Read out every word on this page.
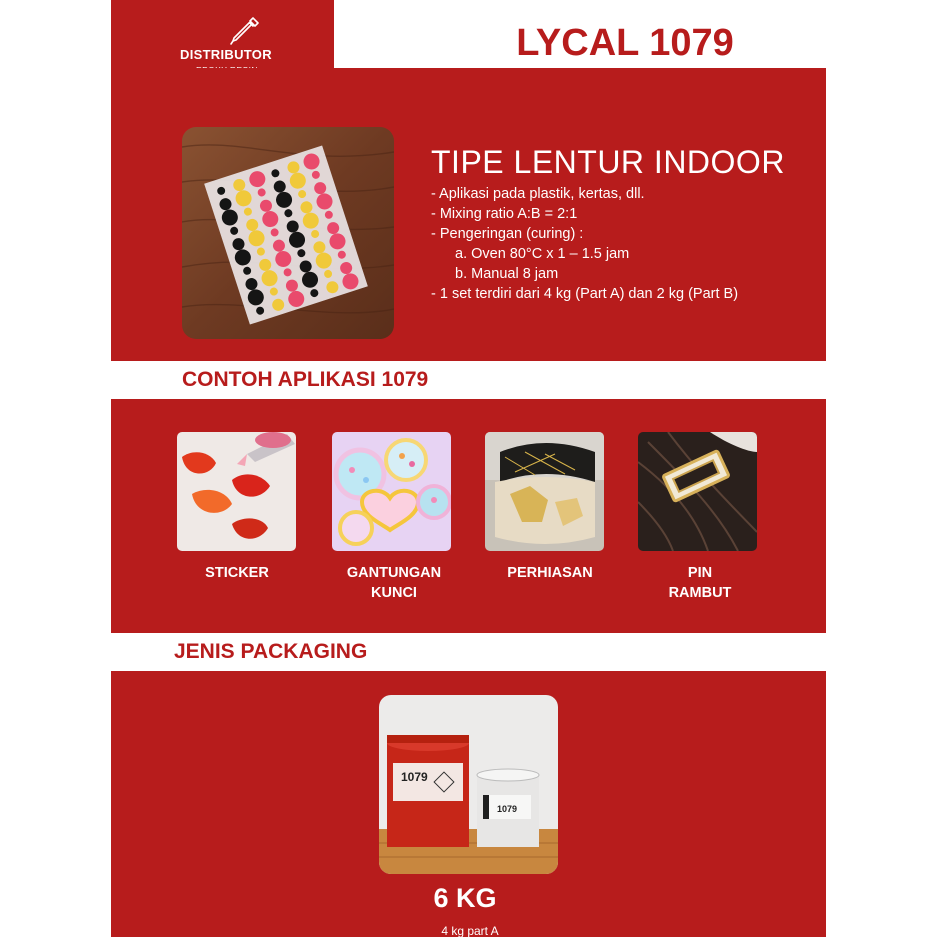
DISTRIBUTOR	LYCAL 1079
TIPE LENTUR INDOOR
- Aplikasi pada plastik, kertas, dll.
- Mixing ratio A:B = 2:1
- Pengeringan (curing) :
a. Oven 80°C x 1 – 1.5 jam
b. Manual 8 jam
- 1 set terdiri dari 4 kg (Part A) dan 2 kg (Part B)
CONTOH APLIKASI 1079
STICKER	GANTUNGAN
KUNCI
PERHIASAN	PIN
RAMBUT
JENIS PACKAGING
1079
1079
6 KG
4 kg part A
